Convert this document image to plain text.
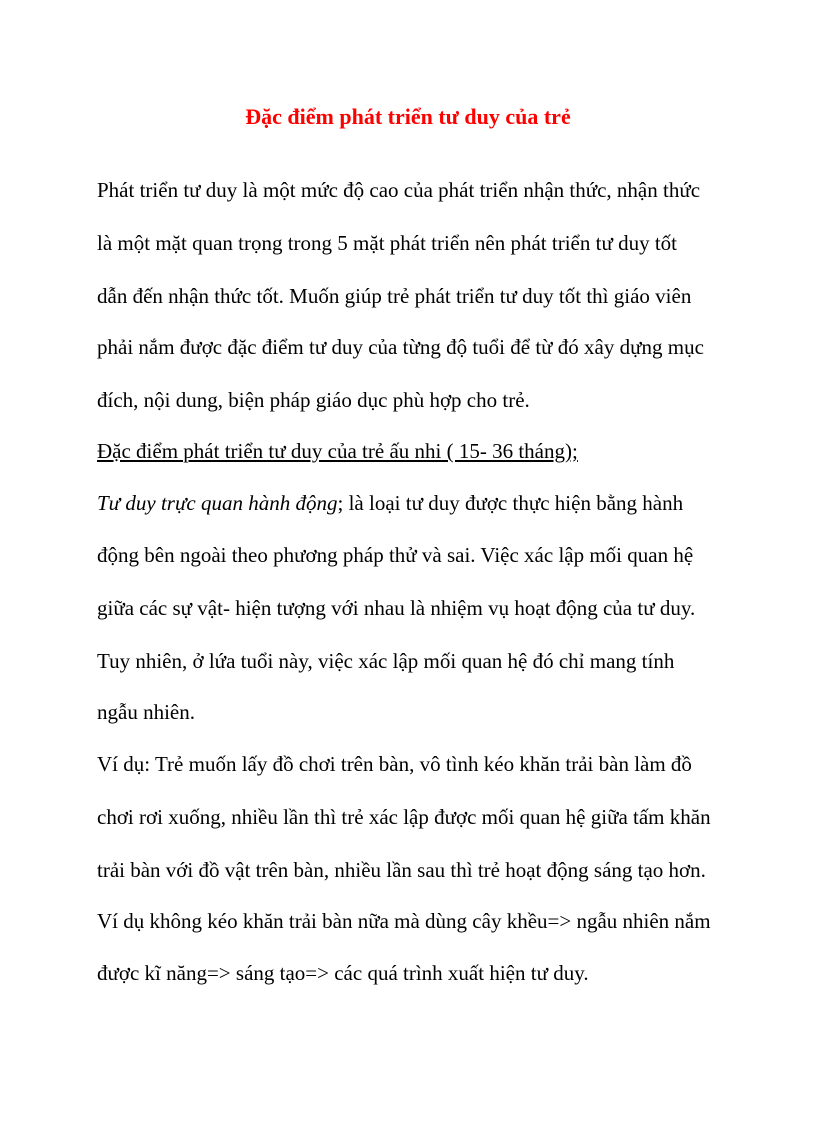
Đặc điểm phát triển tư duy của trẻ
Phát triển tư duy là một mức độ cao của phát triển nhận thức, nhận thức
là một mặt quan trọng trong 5 mặt phát triển nên phát triển tư duy tốt
dẫn đến nhận thức tốt. Muốn giúp trẻ phát triển tư duy tốt thì giáo viên
phải nắm được đặc điểm tư duy của từng độ tuổi để từ đó xây dựng mục
đích, nội dung, biện pháp giáo dục phù hợp cho trẻ.
Đặc điểm phát triển tư duy của trẻ ấu nhi ( 15- 36 tháng);
Tư duy trực quan hành động; là loại tư duy được thực hiện bằng hành
động bên ngoài theo phương pháp thử và sai. Việc xác lập mối quan hệ
giữa các sự vật- hiện tượng với nhau là nhiệm vụ hoạt động của tư duy.
Tuy nhiên, ở lứa tuổi này, việc xác lập mối quan hệ đó chỉ mang tính
ngẫu nhiên.
Ví dụ: Trẻ muốn lấy đồ chơi trên bàn, vô tình kéo khăn trải bàn làm đồ
chơi rơi xuống, nhiều lần thì trẻ xác lập được mối quan hệ giữa tấm khăn
trải bàn với đồ vật trên bàn, nhiều lần sau thì trẻ hoạt động sáng tạo hơn.
Ví dụ không kéo khăn trải bàn nữa mà dùng cây khều=> ngẫu nhiên nắm
được kĩ năng=> sáng tạo=> các quá trình xuất hiện tư duy.
